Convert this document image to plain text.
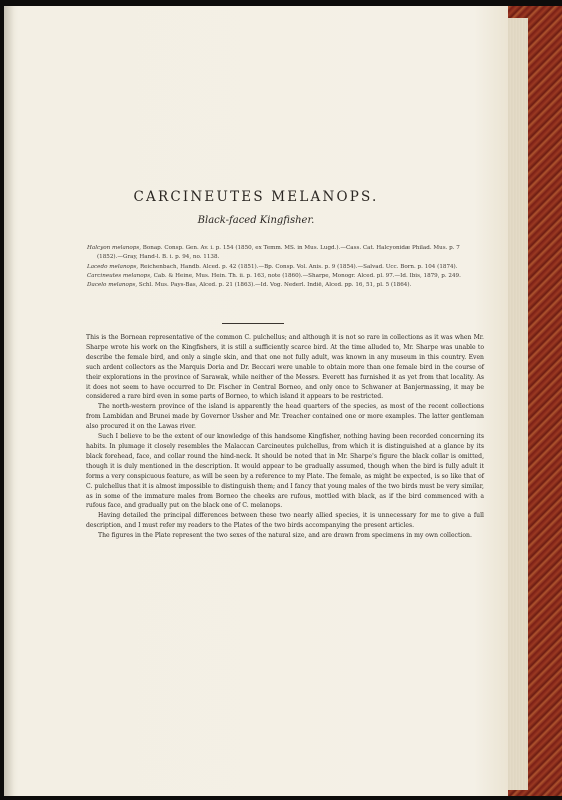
CARCINEUTES MELANOPS.
Black-faced Kingfisher.
Halcyon melanops, Bonap. Consp. Gen. Av. i. p. 154 (1850, ex Temm. MS. in Mus. Lugd.).—Cass. Cat. Halcyonidæ Philad. Mus. p. 7 (1852).—Gray, Hand-l. B. i. p. 94, no. 1138.
Lacedo melanops, Reichenbach, Handb. Alced. p. 42 (1851).—Bp. Consp. Vol. Anis. p. 9 (1854).—Salvad. Ucc. Born. p. 104 (1874).
Carcineutes melanops, Cab. & Heine, Mus. Hein. Th. ii. p. 163, note (1860).—Sharpe, Monogr. Alced. pl. 97.—Id. Ibis, 1879, p. 249.
Dacelo melanops, Schl. Mus. Pays-Bas, Alced. p. 21 (1863).—Id. Vog. Nederl. Indië, Alced. pp. 16, 51, pl. 5 (1864).

This is the Bornean representative of the common C. pulchellus; and although it is not so rare in collections as it was when Mr. Sharpe wrote his work on the Kingfishers, it is still a sufficiently scarce bird. At the time alluded to, Mr. Sharpe was unable to describe the female bird, and only a single skin, and that one not fully adult, was known in any museum in this country. Even such ardent collectors as the Marquis Doria and Dr. Beccari were unable to obtain more than one female bird in the course of their explorations in the province of Sarawak, while neither of the Messrs. Everett has furnished it as yet from that locality. As it does not seem to have occurred to Dr. Fischer in Central Borneo, and only once to Schwaner at Banjermassing, it may be considered a rare bird even in some parts of Borneo, to which island it appears to be restricted.

The north-western province of the island is apparently the head quarters of the species, as most of the recent collections from Lambidan and Brunei made by Governor Ussher and Mr. Treacher contained one or more examples. The latter gentleman also procured it on the Lawas river.

Such I believe to be the extent of our knowledge of this handsome Kingfisher, nothing having been recorded concerning its habits. In plumage it closely resembles the Malaccan Carcineutes pulchellus, from which it is distinguished at a glance by its black forehead, face, and collar round the hind-neck. It should be noted that in Mr. Sharpe's figure the black collar is omitted, though it is duly mentioned in the description. It would appear to be gradually assumed, though when the bird is fully adult it forms a very conspicuous feature, as will be seen by a reference to my Plate. The female, as might be expected, is so like that of C. pulchellus that it is almost impossible to distinguish them; and I fancy that young males of the two birds must be very similar, as in some of the immature males from Borneo the cheeks are rufous, mottled with black, as if the bird commenced with a rufous face, and gradually put on the black one of C. melanops.

Having detailed the principal differences between these two nearly allied species, it is unnecessary for me to give a full description, and I must refer my readers to the Plates of the two birds accompanying the present articles.

The figures in the Plate represent the two sexes of the natural size, and are drawn from specimens in my own collection.
